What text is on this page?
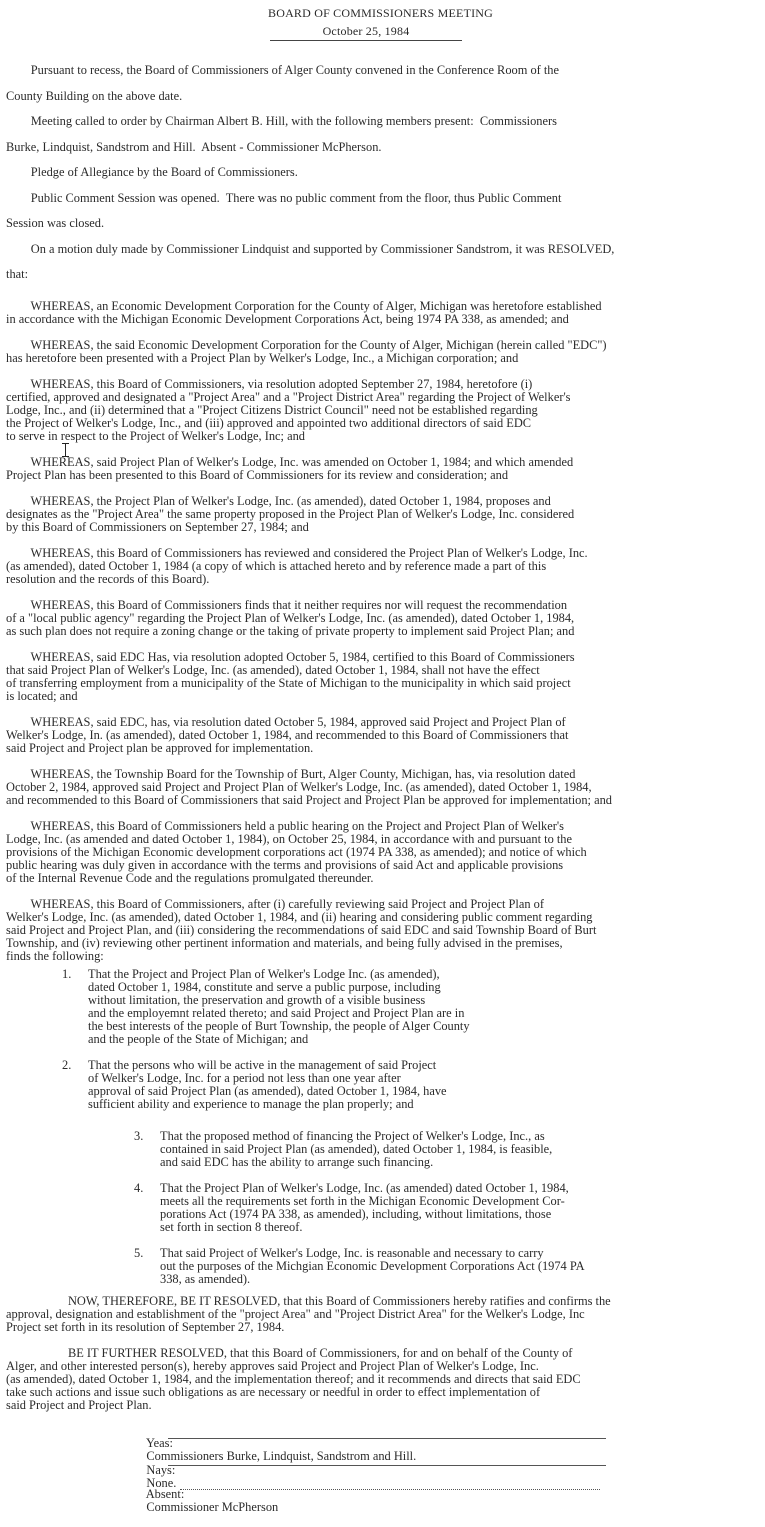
BOARD OF COMMISSIONERS MEETING
October 25, 1984
Pursuant to recess, the Board of Commissioners of Alger County convened in the Conference Room of the
County Building on the above date.
Meeting called to order by Chairman Albert B. Hill, with the following members present:  Commissioners
Burke, Lindquist, Sandstrom and Hill.  Absent - Commissioner McPherson.
Pledge of Allegiance by the Board of Commissioners.
Public Comment Session was opened.  There was no public comment from the floor, thus Public Comment
Session was closed.
On a motion duly made by Commissioner Lindquist and supported by Commissioner Sandstrom, it was RESOLVED,
that:
WHEREAS, an Economic Development Corporation for the County of Alger, Michigan was heretofore established
in accordance with the Michigan Economic Development Corporations Act, being 1974 PA 338, as amended; and
WHEREAS, the said Economic Development Corporation for the County of Alger, Michigan (herein called "EDC")
has heretofore been presented with a Project Plan by Welker's Lodge, Inc., a Michigan corporation; and
WHEREAS, this Board of Commissioners, via resolution adopted September 27, 1984, heretofore (i)
certified, approved and designated a "Project Area" and a "Project District Area" regarding the Project of Welker's
Lodge, Inc., and (ii) determined that a "Project Citizens District Council" need not be established regarding
the Project of Welker's Lodge, Inc., and (iii) approved and appointed two additional directors of said EDC
to serve in respect to the Project of Welker's Lodge, Inc; and
WHEREAS, said Project Plan of Welker's Lodge, Inc. was amended on October 1, 1984; and which amended
Project Plan has been presented to this Board of Commissioners for its review and consideration; and
WHEREAS, the Project Plan of Welker's Lodge, Inc. (as amended), dated October 1, 1984, proposes and
designates as the "Project Area" the same property proposed in the Project Plan of Welker's Lodge, Inc. considered
by this Board of Commissioners on September 27, 1984; and
WHEREAS, this Board of Commissioners has reviewed and considered the Project Plan of Welker's Lodge, Inc.
(as amended), dated October 1, 1984 (a copy of which is attached hereto and by reference made a part of this
resolution and the records of this Board).
WHEREAS, this Board of Commissioners finds that it neither requires nor will request the recommendation
of a "local public agency" regarding the Project Plan of Welker's Lodge, Inc. (as amended), dated October 1, 1984,
as such plan does not require a zoning change or the taking of private property to implement said Project Plan; and
WHEREAS, said EDC Has, via resolution adopted October 5, 1984, certified to this Board of Commissioners
that said Project Plan of Welker's Lodge, Inc. (as amended), dated October 1, 1984, shall not have the effect
of transferring employment from a municipality of the State of Michigan to the municipality in which said project
is located; and
WHEREAS, said EDC, has, via resolution dated October 5, 1984, approved said Project and Project Plan of
Welker's Lodge, In. (as amended), dated October 1, 1984, and recommended to this Board of Commissioners that
said Project and Project plan be approved for implementation.
WHEREAS, the Township Board for the Township of Burt, Alger County, Michigan, has, via resolution dated
October 2, 1984, approved said Project and Project Plan of Welker's Lodge, Inc. (as amended), dated October 1, 1984,
and recommended to this Board of Commissioners that said Project and Project Plan be approved for implementation; and
WHEREAS, this Board of Commissioners held a public hearing on the Project and Project Plan of Welker's
Lodge, Inc. (as amended and dated October 1, 1984), on October 25, 1984, in accordance with and pursuant to the
provisions of the Michigan Economic development corporations act (1974 PA 338, as amended); and notice of which
public hearing was duly given in accordance with the terms and provisions of said Act and applicable provisions
of the Internal Revenue Code and the regulations promulgated thereunder.
WHEREAS, this Board of Commissioners, after (i) carefully reviewing said Project and Project Plan of
Welker's Lodge, Inc. (as amended), dated October 1, 1984, and (ii) hearing and considering public comment regarding
said Project and Project Plan, and (iii) considering the recommendations of said EDC and said Township Board of Burt
Township, and (iv) reviewing other pertinent information and materials, and being fully advised in the premises,
finds the following:
1.	That the Project and Project Plan of Welker's Lodge Inc. (as amended),
dated October 1, 1984, constitute and serve a public purpose, including
without limitation, the preservation and growth of a visible business
and the employemnt related thereto; and said Project and Project Plan are in
the best interests of the people of Burt Township, the people of Alger County
and the people of the State of Michigan; and
2.	That the persons who will be active in the management of said Project
of Welker's Lodge, Inc. for a period not less than one year after
approval of said Project Plan (as amended), dated October 1, 1984, have
sufficient ability and experience to manage the plan properly; and
3.	That the proposed method of financing the Project of Welker's Lodge, Inc., as
contained in said Project Plan (as amended), dated October 1, 1984, is feasible,
and said EDC has the ability to arrange such financing.
4.	That the Project Plan of Welker's Lodge, Inc. (as amended) dated October 1, 1984,
meets all the requirements set forth in the Michigan Economic Development Cor-
porations Act (1974 PA 338, as amended), including, without limitations, those
set forth in section 8 thereof.
5.	That said Project of Welker's Lodge, Inc. is reasonable and necessary to carry
out the purposes of the Michgian Economic Development Corporations Act (1974 PA
338, as amended).
NOW, THEREFORE, BE IT RESOLVED, that this Board of Commissioners hereby ratifies and confirms the
approval, designation and establishment of the "project Area" and "Project District Area" for the Welker's Lodge, Inc
Project set forth in its resolution of September 27, 1984.
BE IT FURTHER RESOLVED, that this Board of Commissioners, for and on behalf of the County of
Alger, and other interested person(s), hereby approves said Project and Project Plan of Welker's Lodge, Inc.
(as amended), dated October 1, 1984, and the implementation thereof; and it recommends and directs that said EDC
take such actions and issue such obligations as are necessary or needful in order to effect implementation of
said Project and Project Plan.

Yeas:
Commissioners Burke, Lindquist, Sandstrom and Hill.

Nays:
None.

Absent:
Commissioner McPherson
